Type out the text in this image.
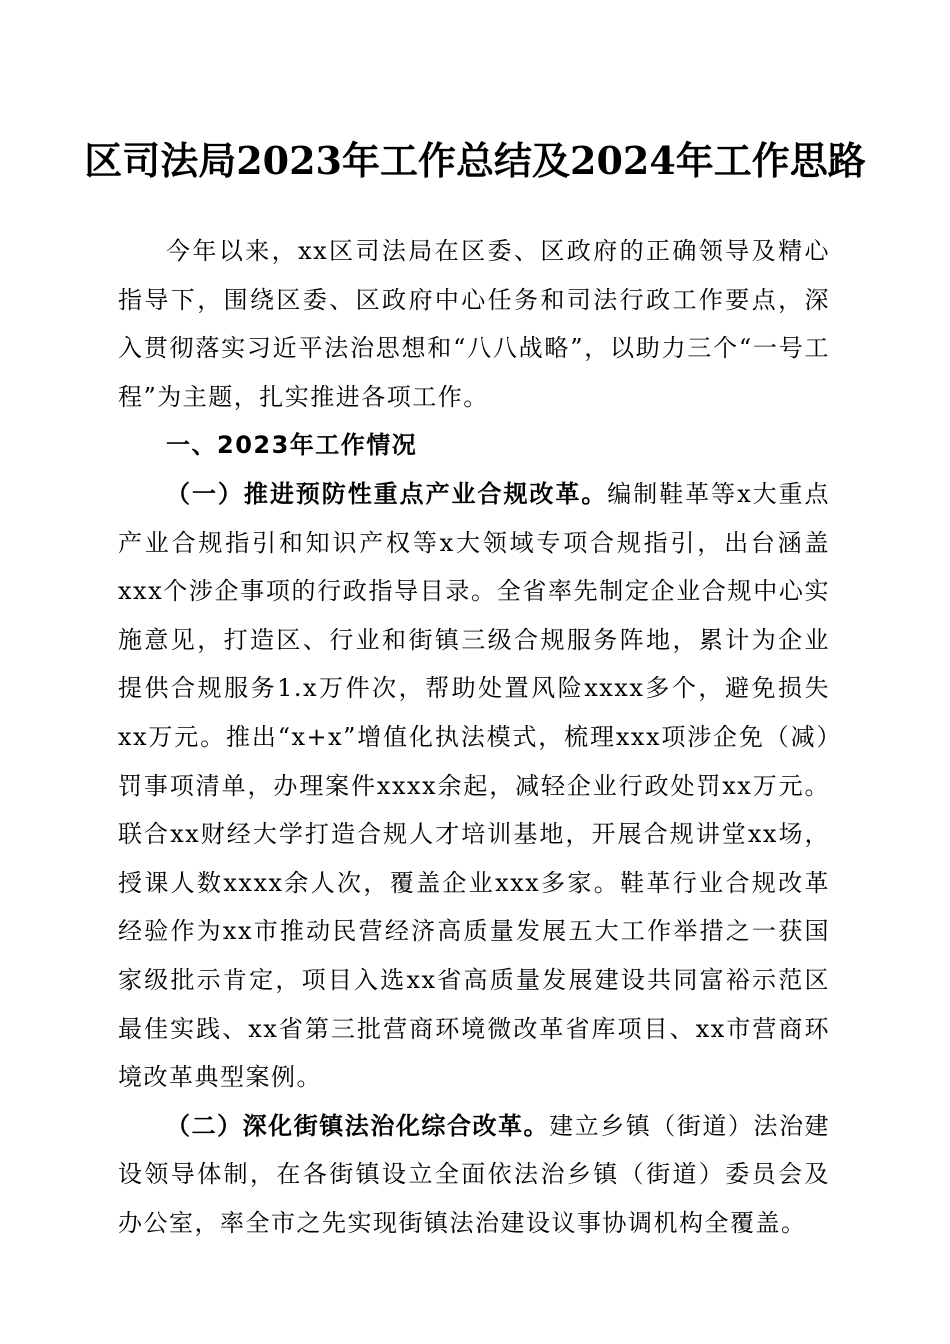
区司法局2023年工作总结及2024年工作思路

今年以来，xx区司法局在区委、区政府的正确领导及精心指导下，围绕区委、区政府中心任务和司法行政工作要点，深入贯彻落实习近平法治思想和“八八战略”，以助力三个“一号工程”为主题，扎实推进各项工作。

一、2023年工作情况

（一）推进预防性重点产业合规改革。编制鞋革等x大重点产业合规指引和知识产权等x大领域专项合规指引，出台涵盖xxx个涉企事项的行政指导目录。全省率先制定企业合规中心实施意见，打造区、行业和街镇三级合规服务阵地，累计为企业提供合规服务1.x万件次，帮助处置风险xxxx多个，避免损失xx万元。推出“x+x”增值化执法模式，梳理xxx项涉企免（减）罚事项清单，办理案件xxxx余起，减轻企业行政处罚xx万元。联合xx财经大学打造合规人才培训基地，开展合规讲堂xx场，授课人数xxxx余人次，覆盖企业xxx多家。鞋革行业合规改革经验作为xx市推动民营经济高质量发展五大工作举措之一获国家级批示肯定，项目入选xx省高质量发展建设共同富裕示范区最佳实践、xx省第三批营商环境微改革省库项目、xx市营商环境改革典型案例。

（二）深化街镇法治化综合改革。建立乡镇（街道）法治建设领导体制，在各街镇设立全面依法治乡镇（街道）委员会及办公室，率全市之先实现街镇法治建设议事协调机构全覆盖。
